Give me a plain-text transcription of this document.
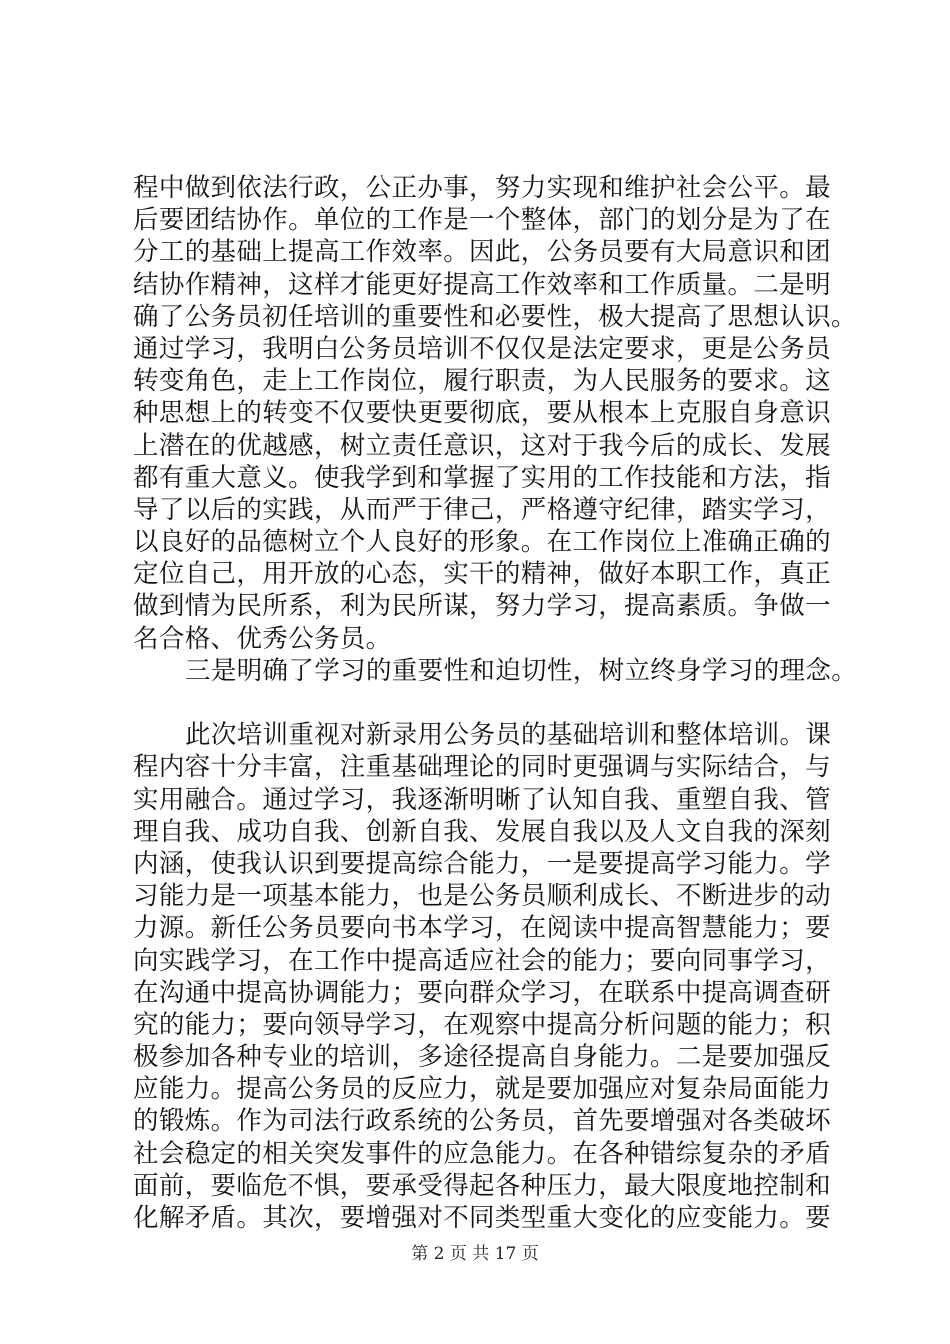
程中做到依法行政，公正办事，努力实现和维护社会公平。最
后要团结协作。单位的工作是一个整体，部门的划分是为了在
分工的基础上提高工作效率。因此，公务员要有大局意识和团
结协作精神，这样才能更好提高工作效率和工作质量。二是明
确了公务员初任培训的重要性和必要性，极大提高了思想认识。
通过学习，我明白公务员培训不仅仅是法定要求，更是公务员
转变角色，走上工作岗位，履行职责，为人民服务的要求。这
种思想上的转变不仅要快更要彻底，要从根本上克服自身意识
上潜在的优越感，树立责任意识，这对于我今后的成长、发展
都有重大意义。使我学到和掌握了实用的工作技能和方法，指
导了以后的实践，从而严于律己，严格遵守纪律，踏实学习，
以良好的品德树立个人良好的形象。在工作岗位上准确正确的
定位自己，用开放的心态，实干的精神，做好本职工作，真正
做到情为民所系，利为民所谋，努力学习，提高素质。争做一
名合格、优秀公务员。
三是明确了学习的重要性和迫切性，树立终身学习的理念。
此次培训重视对新录用公务员的基础培训和整体培训。课
程内容十分丰富，注重基础理论的同时更强调与实际结合，与
实用融合。通过学习，我逐渐明晰了认知自我、重塑自我、管
理自我、成功自我、创新自我、发展自我以及人文自我的深刻
内涵，使我认识到要提高综合能力，一是要提高学习能力。学
习能力是一项基本能力，也是公务员顺利成长、不断进步的动
力源。新任公务员要向书本学习，在阅读中提高智慧能力；要
向实践学习，在工作中提高适应社会的能力；要向同事学习，
在沟通中提高协调能力；要向群众学习，在联系中提高调查研
究的能力；要向领导学习，在观察中提高分析问题的能力；积
极参加各种专业的培训，多途径提高自身能力。二是要加强反
应能力。提高公务员的反应力，就是要加强应对复杂局面能力
的锻炼。作为司法行政系统的公务员，首先要增强对各类破坏
社会稳定的相关突发事件的应急能力。在各种错综复杂的矛盾
面前，要临危不惧，要承受得起各种压力，最大限度地控制和
化解矛盾。其次，要增强对不同类型重大变化的应变能力。要
第 2 页 共 17 页
